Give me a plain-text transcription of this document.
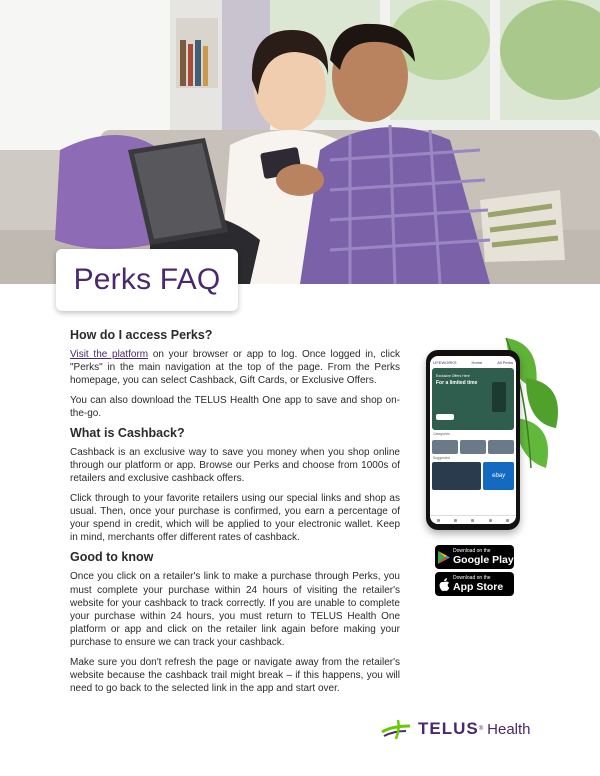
Perks FAQ
How do I access Perks?

Visit the platform on your browser or app to log. Once logged in, click "Perks" in the main navigation at the top of the page. From the Perks homepage, you can select Cashback, Gift Cards, or Exclusive Offers.

You can also download the TELUS Health One app to save and shop on-the-go.

What is Cashback?

Cashback is an exclusive way to save you money when you shop online through our platform or app. Browse our Perks and choose from 1000s of retailers and exclusive cashback offers.

Click through to your favorite retailers using our special links and shop as usual. Then, once your purchase is confirmed, you earn a percentage of your spend in credit, which will be applied to your electronic wallet. Keep in mind, merchants offer different rates of cashback.

Good to know

Once you click on a retailer's link to make a purchase through Perks, you must complete your purchase within 24 hours of visiting the retailer's website for your cashback to track correctly. If you are unable to complete your purchase within 24 hours, you must return to TELUS Health One platform or app and click on the retailer link again before making your purchase to ensure we can track your cashback.

Make sure you don't refresh the page or navigate away from the retailer's website because the cashback trail might break – if this happens, you will need to go back to the selected link in the app and start over.

LIFEWORKS	Home	All Perks
Exclusive Offers Here
For a limited time
Shop Now
Categories
Suggested
ebay
Download on the
Google Play
Download on the
App Store
TELUS ® Health
